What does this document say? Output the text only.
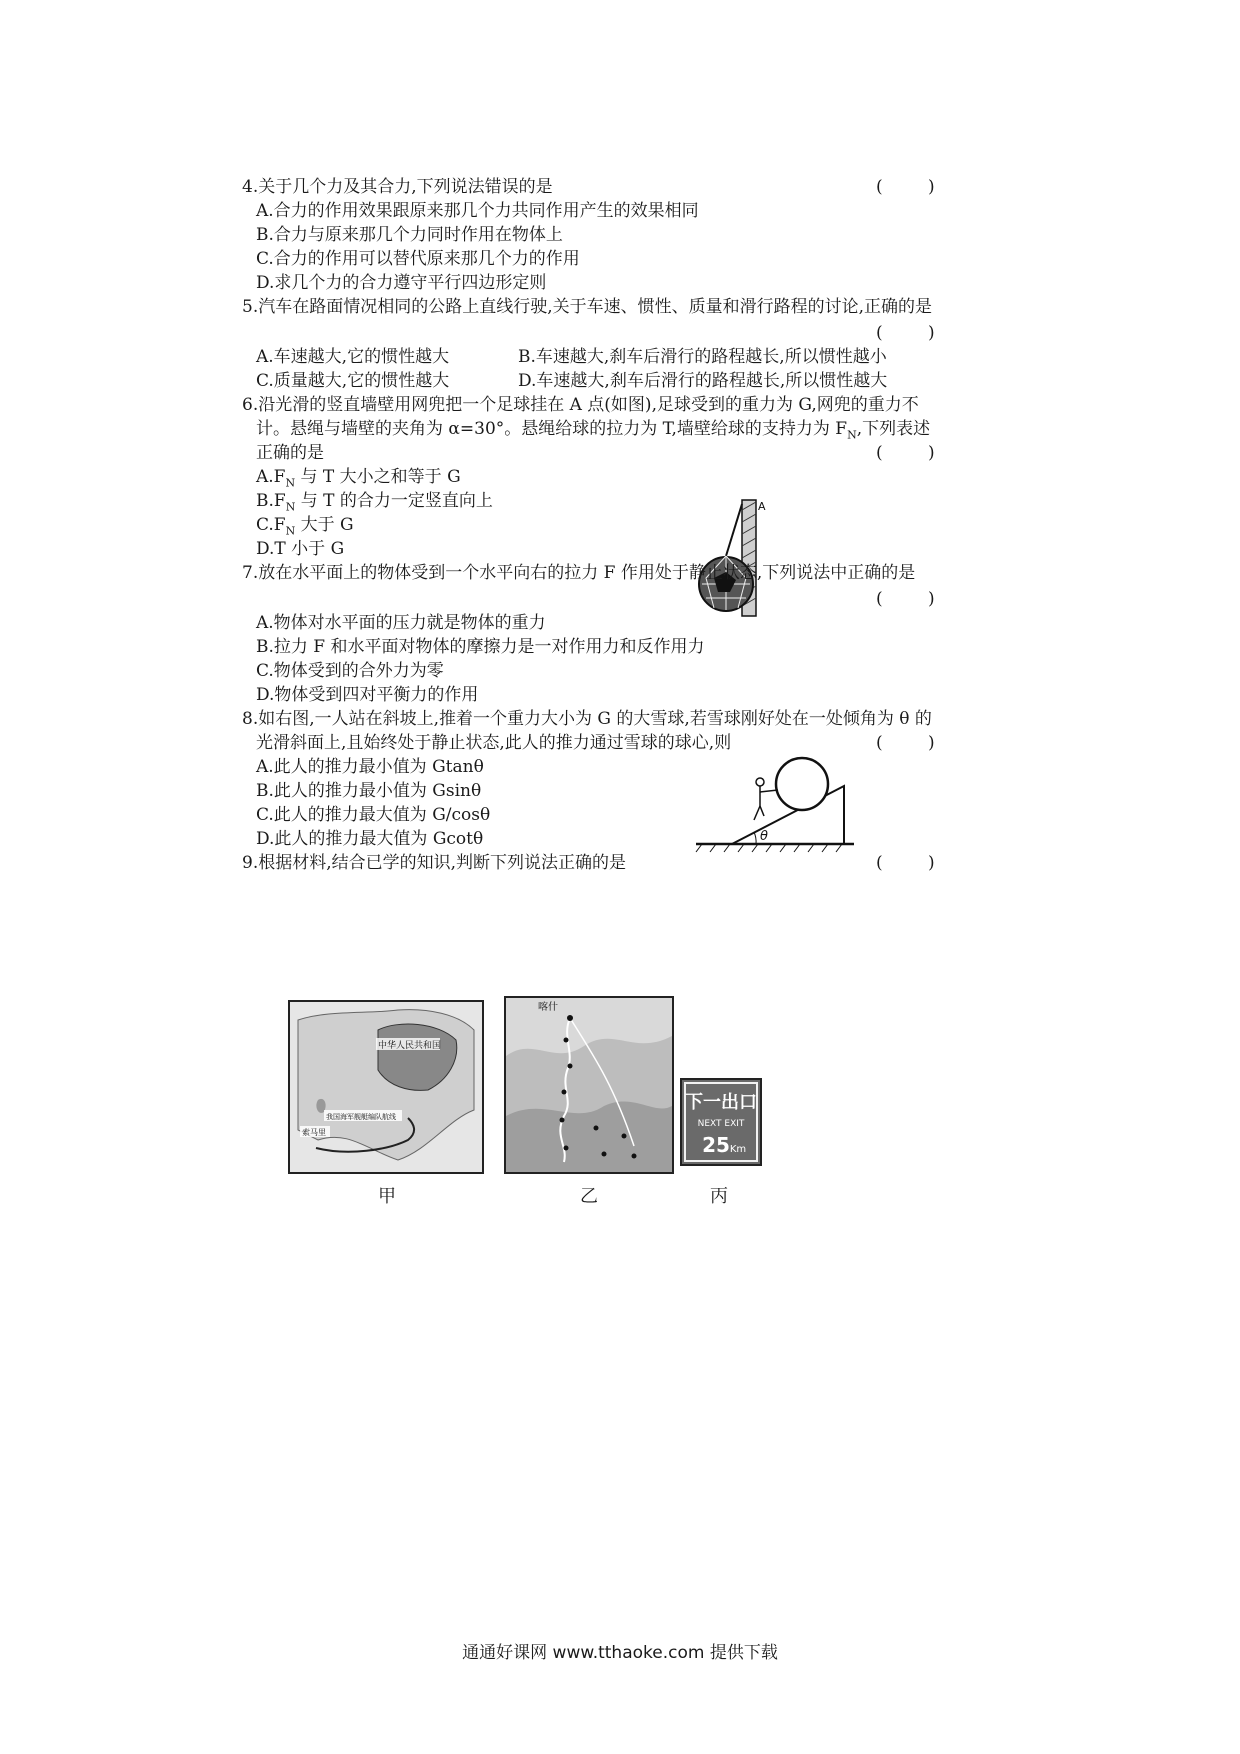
4.关于几个力及其合力,下列说法错误的是	(	)
A.合力的作用效果跟原来那几个力共同作用产生的效果相同
B.合力与原来那几个力同时作用在物体上
C.合力的作用可以替代原来那几个力的作用
D.求几个力的合力遵守平行四边形定则
5.汽车在路面情况相同的公路上直线行驶,关于车速、惯性、质量和滑行路程的讨论,正确的是
(	)
A.车速越大,它的惯性越大	B.车速越大,刹车后滑行的路程越长,所以惯性越小
C.质量越大,它的惯性越大	D.车速越大,刹车后滑行的路程越长,所以惯性越大
6.沿光滑的竖直墙壁用网兜把一个足球挂在 A 点(如图),足球受到的重力为 G,网兜的重力不
计。悬绳与墙壁的夹角为 α=30°。悬绳给球的拉力为 T,墙壁给球的支持力为 $F_N$,下列表述
正确的是	(	)
$A.F_N$ 与 T 大小之和等于 G
$B.F_N$ 与 T 的合力一定竖直向上
$C.F_N$ 大于 G
D.T 小于 G
A
7.放在水平面上的物体受到一个水平向右的拉力 F 作用处于静止状态,下列说法中正确的是
(	)
A.物体对水平面的压力就是物体的重力
B.拉力 F 和水平面对物体的摩擦力是一对作用力和反作用力
C.物体受到的合外力为零
D.物体受到四对平衡力的作用
8.如右图,一人站在斜坡上,推着一个重力大小为 G 的大雪球,若雪球刚好处在一处倾角为 θ 的
光滑斜面上,且始终处于静止状态,此人的推力通过雪球的球心,则	(	)
A.此人的推力最小值为 Gtanθ
B.此人的推力最小值为 Gsinθ
C.此人的推力最大值为 G/cosθ
D.此人的推力最大值为 Gcotθ	θ
9.根据材料,结合已学的知识,判断下列说法正确的是	(	)
中华人民共和国
我国海军舰艇编队航线
索马里
喀什
下一出口
NEXT EXIT
25 Km
甲	乙	丙
通通好课网 www.tthaoke.com 提供下载
